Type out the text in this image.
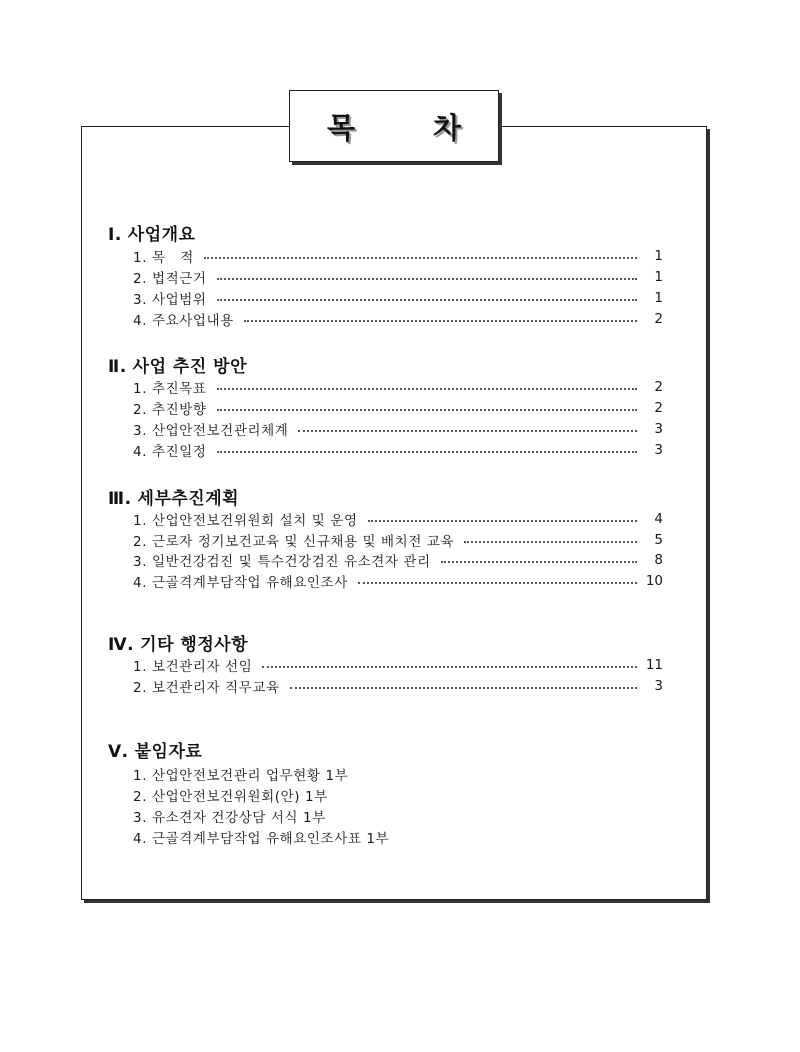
목 차
Ⅰ. 사업개요
1. 목   적	1
2. 법적근거	1
3. 사업범위	1
4. 주요사업내용	2
Ⅱ. 사업 추진 방안
1. 추진목표	2
2. 추진방향	2
3. 산업안전보건관리체계	3
4. 추진일정	3
Ⅲ. 세부추진계획
1. 산업안전보건위원회 설치 및 운영	4
2. 근로자 정기보건교육 및 신규채용 및 배치전 교육	5
3. 일반건강검진 및 특수건강검진 유소견자 관리	8
4. 근골격계부담작업 유해요인조사	10
Ⅳ. 기타 행정사항
1. 보건관리자 선임	11
2. 보건관리자 직무교육	3
Ⅴ. 붙임자료
1. 산업안전보건관리 업무현황 1부
2. 산업안전보건위원회(안) 1부
3. 유소견자 건강상담 서식 1부
4. 근골격계부담작업 유해요인조사표 1부
